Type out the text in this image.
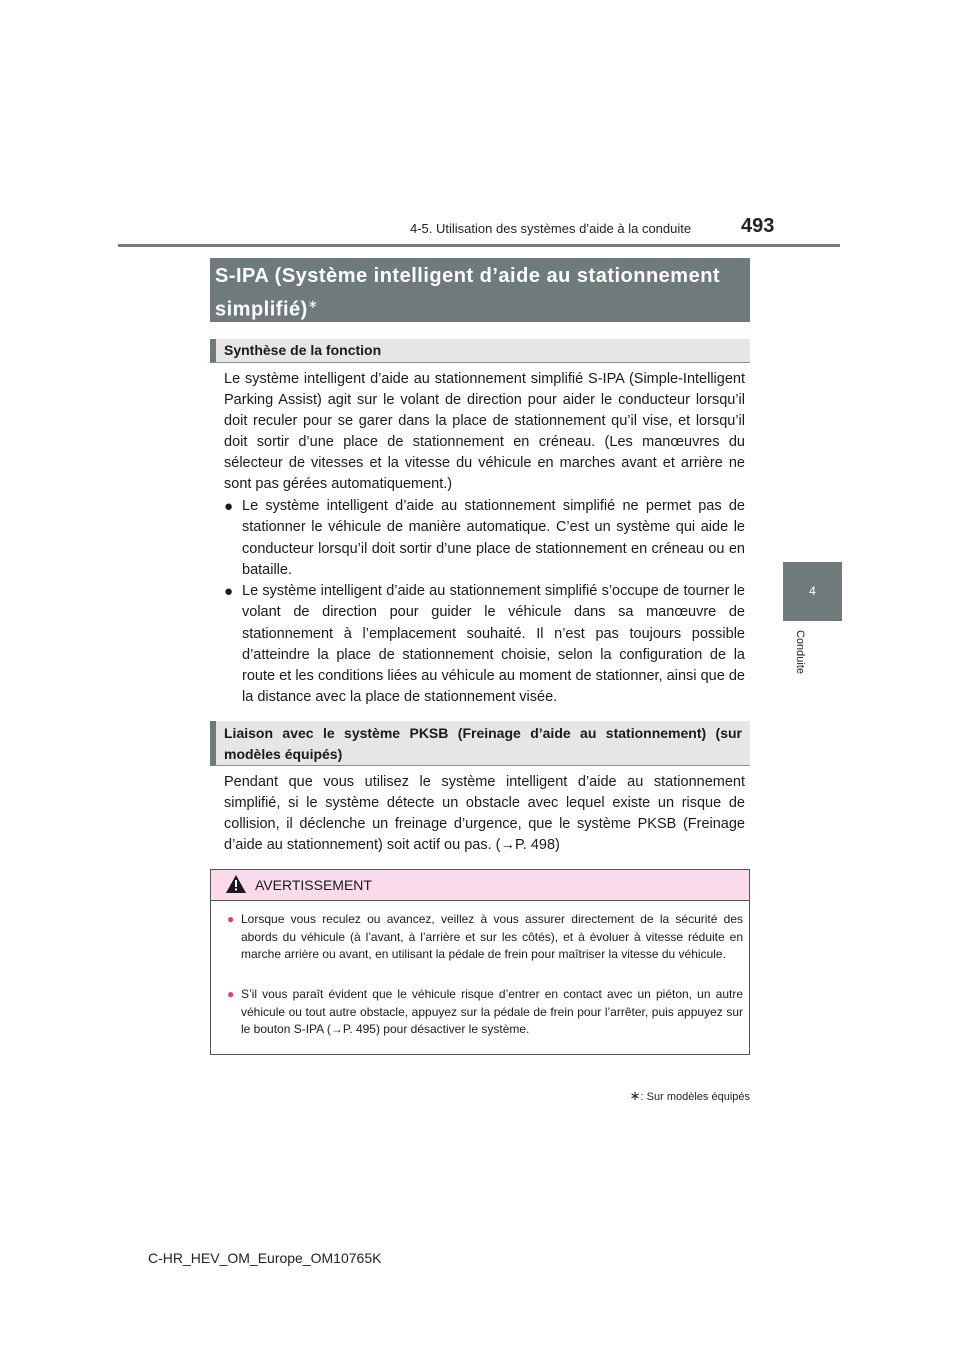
4-5. Utilisation des systèmes d’aide à la conduite 493
4
Conduite
S-IPA (Système intelligent d’aide au stationnement simplifié)∗
Synthèse de la fonction

Le système intelligent d’aide au stationnement simplifié S-IPA (Simple-Intelligent Parking Assist) agit sur le volant de direction pour aider le conducteur lorsqu’il doit reculer pour se garer dans la place de stationnement qu’il vise, et lorsqu’il doit sortir d’une place de stationnement en créneau. (Les manœuvres du sélecteur de vitesses et la vitesse du véhicule en marches avant et arrière ne sont pas gérées automatiquement.)

● Le système intelligent d’aide au stationnement simplifié ne permet pas de stationner le véhicule de manière automatique. C’est un système qui aide le conducteur lorsqu’il doit sortir d’une place de stationnement en créneau ou en bataille.
● Le système intelligent d’aide au stationnement simplifié s’occupe de tourner le volant de direction pour guider le véhicule dans sa manœuvre de stationnement à l’emplacement souhaité. Il n’est pas toujours possible d’atteindre la place de stationnement choisie, selon la configuration de la route et les conditions liées au véhicule au moment de stationner, ainsi que de la distance avec la place de stationnement visée.
Liaison avec le système PKSB (Freinage d’aide au stationnement) (sur modèles équipés)

Pendant que vous utilisez le système intelligent d’aide au stationnement simplifié, si le système détecte un obstacle avec lequel existe un risque de collision, il déclenche un freinage d’urgence, que le système PKSB (Freinage d’aide au stationnement) soit actif ou pas. (→P. 498)

AVERTISSEMENT
● Lorsque vous reculez ou avancez, veillez à vous assurer directement de la sécurité des abords du véhicule (à l’avant, à l’arrière et sur les côtés), et à évoluer à vitesse réduite en marche arrière ou avant, en utilisant la pédale de frein pour maîtriser la vitesse du véhicule.
● S’il vous paraît évident que le véhicule risque d’entrer en contact avec un piéton, un autre véhicule ou tout autre obstacle, appuyez sur la pédale de frein pour l’arrêter, puis appuyez sur le bouton S-IPA (→P. 495) pour désactiver le système.
∗: Sur modèles équipés
C-HR_HEV_OM_Europe_OM10765K
